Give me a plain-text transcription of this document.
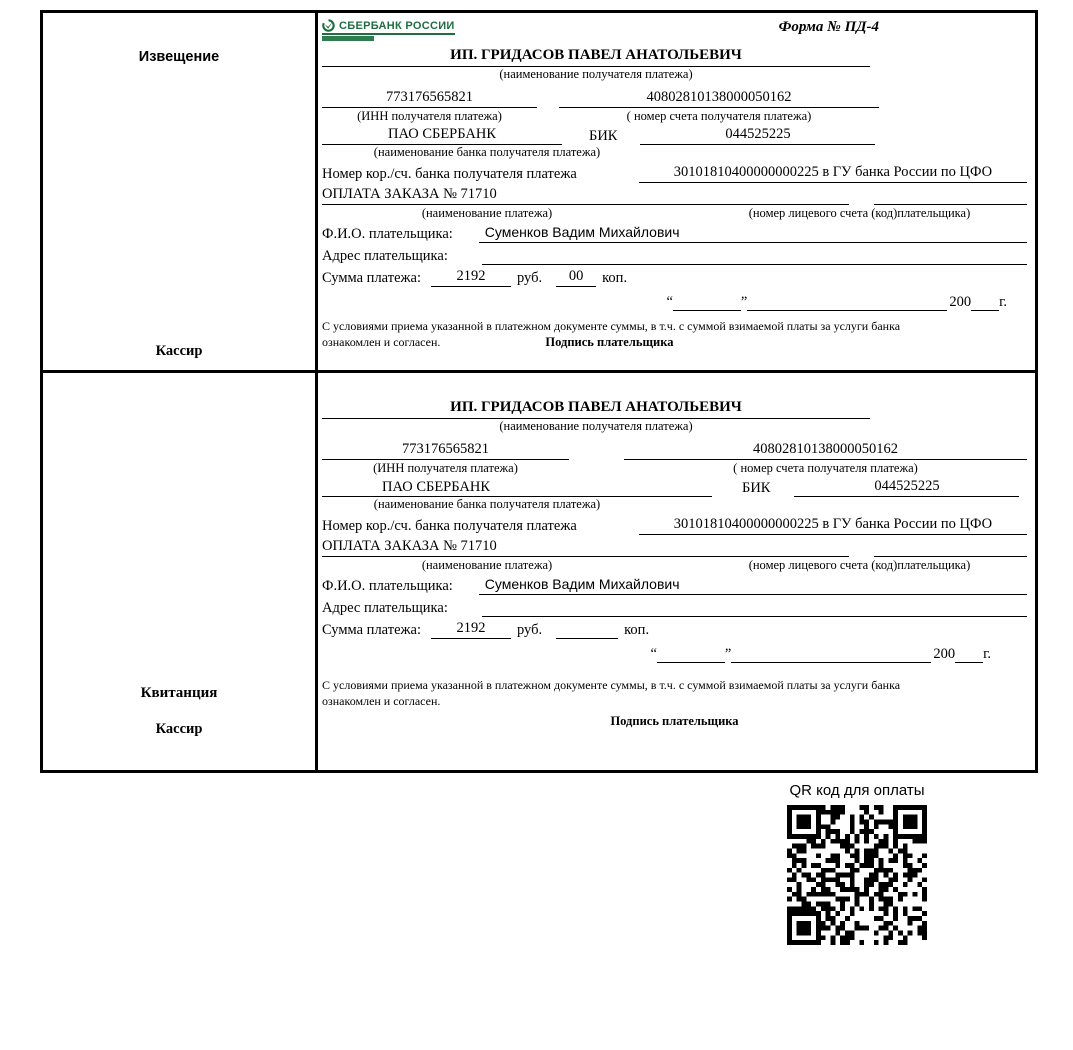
Извещение
Кассир
СБЕРБАНК РОССИИ	Форма № ПД-4
ИП. ГРИДАСОВ ПАВЕЛ АНАТОЛЬЕВИЧ
(наименование получателя платежа)
773176565821	40802810138000050162
(ИНН получателя платежа)	( номер счета получателя платежа)
ПАО СБЕРБАНК	БИК	044525225
(наименование банка получателя платежа)
Номер кор./сч. банка получателя платежа	30101810400000000225 в ГУ банка России по ЦФО
ОПЛАТА ЗАКАЗА № 71710
(наименование платежа)	(номер лицевого счета (код)плательщика)
Ф.И.О. плательщика:	Суменков Вадим Михайлович
Адрес плательщика:
Сумма платежа:	2192	руб.	00	коп.
“	”	200 г.
С условиями приема указанной в платежном документе суммы, в т.ч. с суммой взимаемой платы за услуги банка
ознакомлен и согласен.	Подпись плательщика
Квитанция
Кассир
ИП. ГРИДАСОВ ПАВЕЛ АНАТОЛЬЕВИЧ
(наименование получателя платежа)
773176565821	40802810138000050162
(ИНН получателя платежа)	( номер счета получателя платежа)
ПАО СБЕРБАНК	БИК	044525225
(наименование банка получателя платежа)
Номер кор./сч. банка получателя платежа	30101810400000000225 в ГУ банка России по ЦФО
ОПЛАТА ЗАКАЗА № 71710
(наименование платежа)	(номер лицевого счета (код)плательщика)
Ф.И.О. плательщика:	Суменков Вадим Михайлович
Адрес плательщика:
Сумма платежа:	2192	руб.	коп.
“	”	200 г.
С условиями приема указанной в платежном документе суммы, в т.ч. с суммой взимаемой платы за услуги банка
ознакомлен и согласен.
Подпись плательщика
QR код для оплаты
